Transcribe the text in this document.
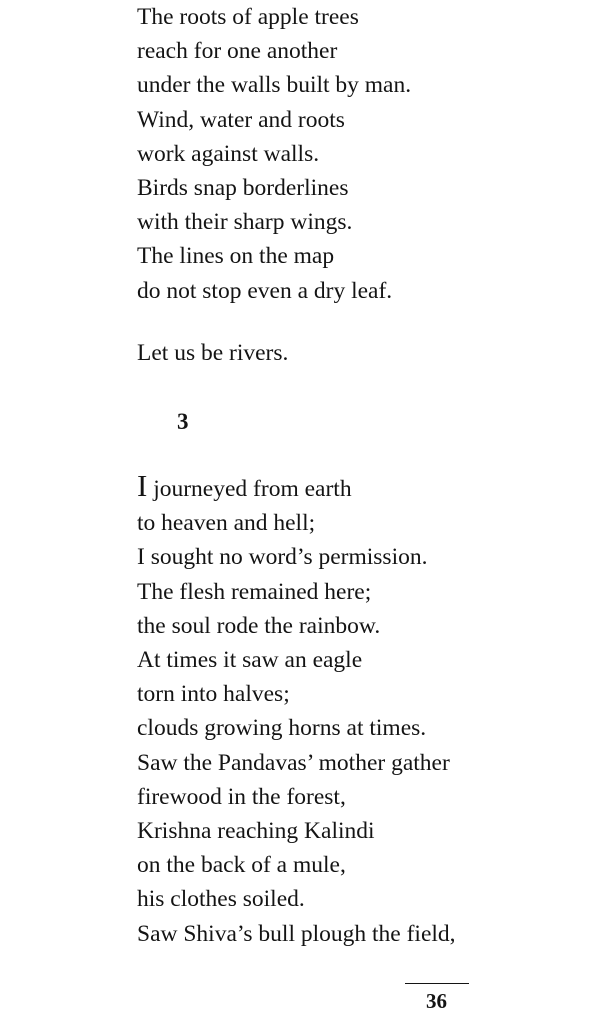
The roots of apple trees
reach for one another
under the walls built by man.
Wind, water and roots
work against walls.
Birds snap borderlines
with their sharp wings.
The lines on the map
do not stop even a dry leaf.
Let us be rivers.
3
I journeyed from earth
to heaven and hell;
I sought no word’s permission.
The flesh remained here;
the soul rode the rainbow.
At times it saw an eagle
torn into halves;
clouds growing horns at times.
Saw the Pandavas’ mother gather
firewood in the forest,
Krishna reaching Kalindi
on the back of a mule,
his clothes soiled.
Saw Shiva’s bull plough the field,
36
